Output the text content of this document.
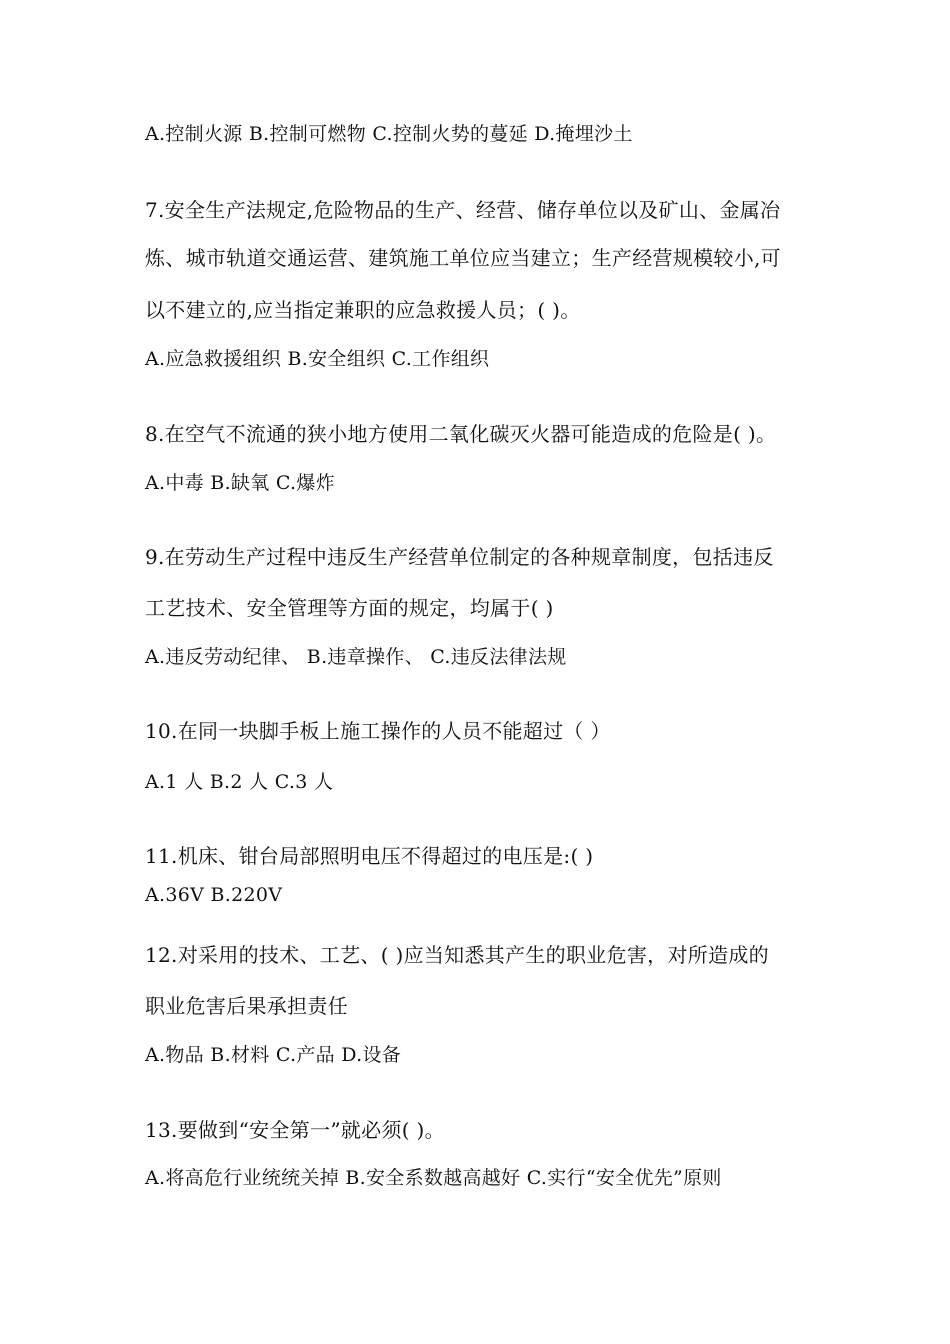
A.控制火源 B.控制可燃物 C.控制火势的蔓延 D.掩埋沙土
7.安全生产法规定,危险物品的生产、经营、储存单位以及矿山、金属冶
炼、城市轨道交通运营、建筑施工单位应当建立；生产经营规模较小,可
以不建立的,应当指定兼职的应急救援人员；( )。
A.应急救援组织 B.安全组织 C.工作组织
8.在空气不流通的狭小地方使用二氧化碳灭火器可能造成的危险是( )。
A.中毒 B.缺氧 C.爆炸
9.在劳动生产过程中违反生产经营单位制定的各种规章制度，包括违反
工艺技术、安全管理等方面的规定，均属于( )
A.违反劳动纪律、 B.违章操作、 C.违反法律法规
10.在同一块脚手板上施工操作的人员不能超过（ ）
A.1 人 B.2 人 C.3 人
11.机床、钳台局部照明电压不得超过的电压是:( )
A.36V B.220V
12.对采用的技术、工艺、( )应当知悉其产生的职业危害，对所造成的
职业危害后果承担责任
A.物品 B.材料 C.产品 D.设备
13.要做到“安全第一”就必须( )。
A.将高危行业统统关掉 B.安全系数越高越好 C.实行“安全优先”原则
